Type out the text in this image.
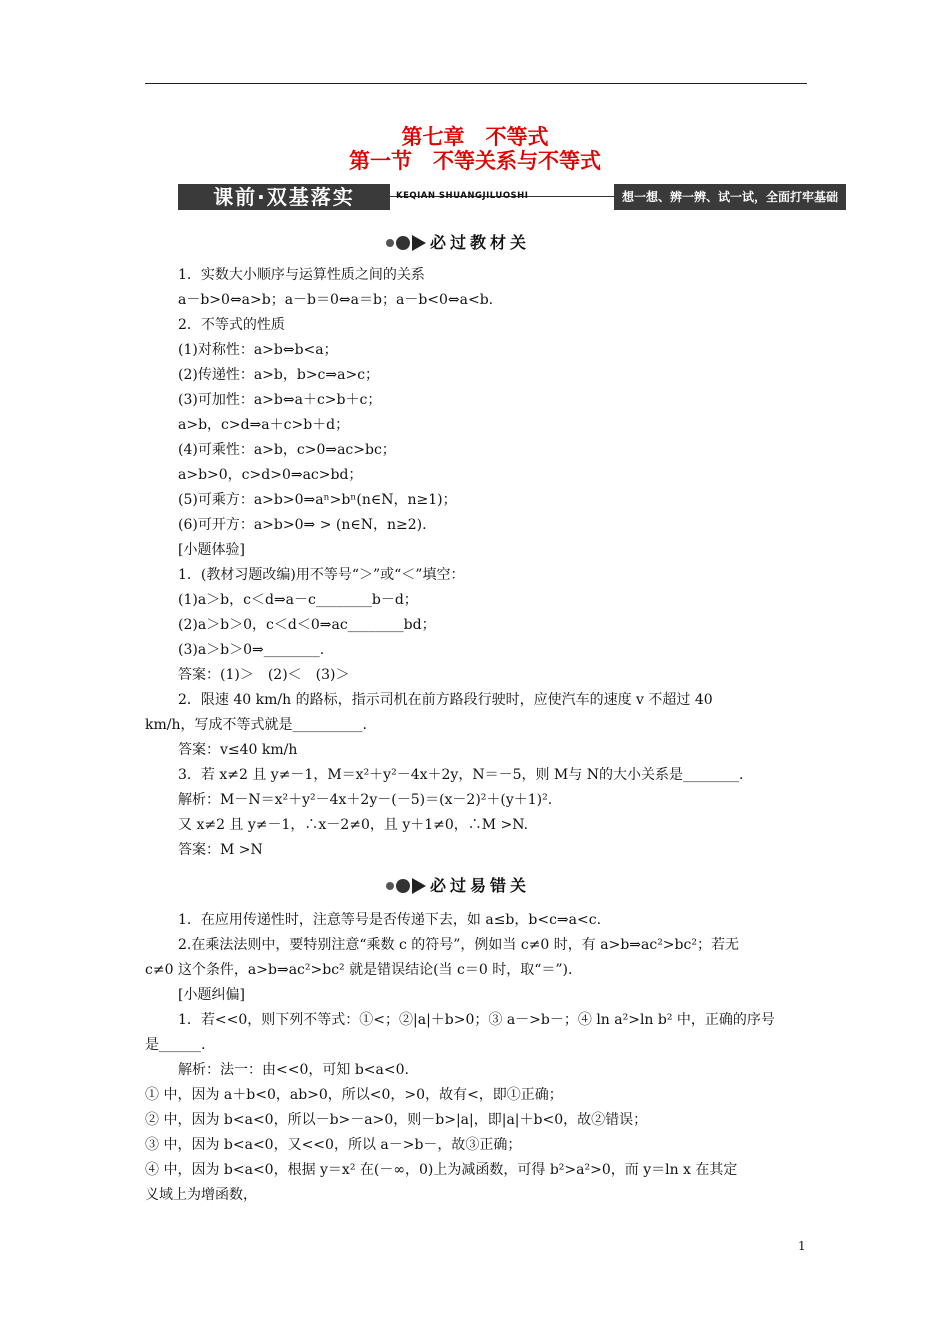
第七章　不等式
第一节　不等关系与不等式
课前·双基落实	KEQIAN SHUANGJILUOSHI	想一想、辨一辨、试一试，全面打牢基础
必过教材关
必过易错关
1．实数大小顺序与运算性质之间的关系
a－b>0⇔a>b；a－b＝0⇔a＝b；a－b<0⇔a<b.
2．不等式的性质
(1)对称性：a>b⇔b<a；
(2)传递性：a>b，b>c⇒a>c；
(3)可加性：a>b⇔a＋c>b＋c；
a>b，c>d⇒a＋c>b＋d；
(4)可乘性：a>b，c>0⇒ac>bc；
a>b>0，c>d>0⇒ac>bd；
(5)可乘方：a>b>0⇒aⁿ>bⁿ(n∈N，n≥1)；
(6)可开方：a>b>0⇒ > (n∈N，n≥2).
[小题体验]
1．(教材习题改编)用不等号“＞”或“＜”填空：
(1)a＞b，c＜d⇒a－c________b－d；
(2)a＞b＞0，c＜d＜0⇒ac________bd；
(3)a＞b＞0⇒________.
答案：(1)＞　(2)＜　(3)＞
2．限速 40 km/h 的路标，指示司机在前方路段行驶时，应使汽车的速度 v 不超过 40
km/h，写成不等式就是__________.
答案：v≤40 km/h
3．若 x≠2 且 y≠－1，M＝x²＋y²－4x＋2y，N＝－5，则 M与 N的大小关系是________.
解析：M－N＝x²＋y²－4x＋2y－(－5)＝(x－2)²＋(y＋1)².
又 x≠2 且 y≠－1，∴x－2≠0，且 y＋1≠0，∴M >N.
答案：M >N
1．在应用传递性时，注意等号是否传递下去，如 a≤b，b<c⇒a<c.
2.在乘法法则中，要特别注意“乘数 c 的符号”，例如当 c≠0 时，有 a>b⇒ac²>bc²；若无
c≠0 这个条件，a>b⇒ac²>bc² 就是错误结论(当 c＝0 时，取“＝”).
[小题纠偏]
1．若<<0，则下列不等式：①<；②|a|＋b>0；③ a－>b－；④ ln a²>ln b² 中，正确的序号
是______.
解析：法一：由<<0，可知 b<a<0.
① 中，因为 a＋b<0，ab>0，所以<0，>0，故有<，即①正确；
② 中，因为 b<a<0，所以－b>－a>0，则－b>|a|，即|a|＋b<0，故②错误；
③ 中，因为 b<a<0，又<<0，所以 a－>b－，故③正确；
④ 中，因为 b<a<0，根据 y＝x² 在(－∞，0)上为减函数，可得 b²>a²>0，而 y＝ln x 在其定
义域上为增函数，
1
